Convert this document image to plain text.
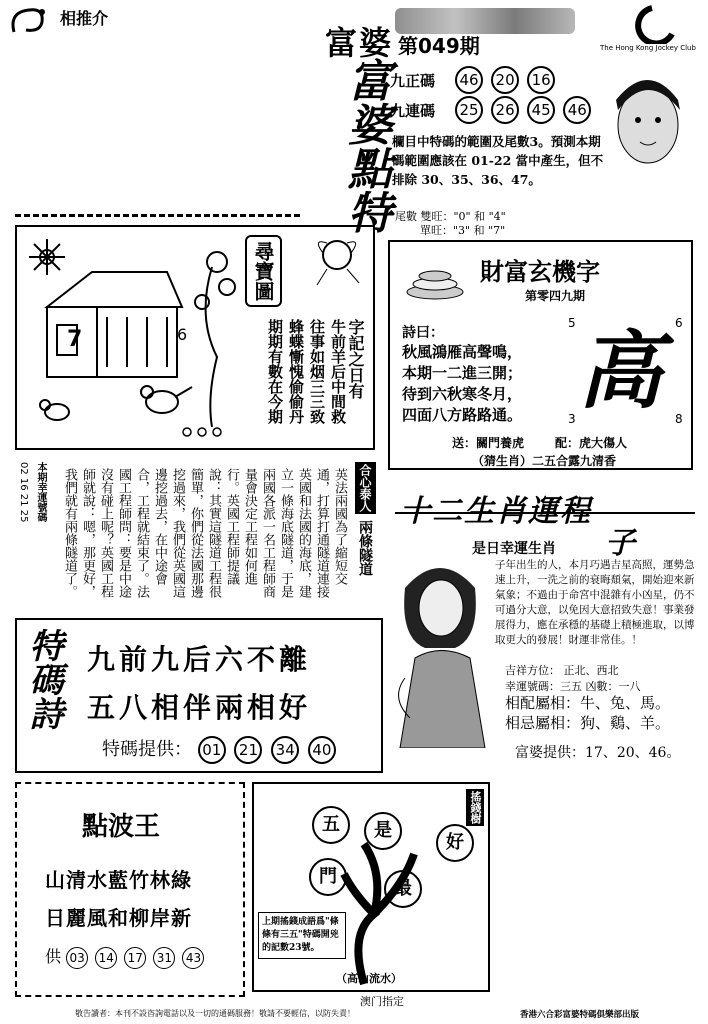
相推介
富婆 第049期	The Hong Kong Jockey Club
富婆點特 九正碼 46 20 16
九連碼 25 26 45 46
欄目中特碼的範圍及尾數3。預測本期碼範圍應該在 01-22 當中產生，但不排除 30、35、36、47。
尾數 雙旺："0" 和 "4"
單旺："3" 和 "7"
7	6
尋寶圖
字記之日有
牛前羊后中間救
往事如烟三三致
蜂蝶慚愧偷偷丹
期期有數在今期
財富玄機字
第零四九期
詩曰：
秋風鴻雁高聲鳴，
本期一二進三開；
待到六秋寒冬月，
四面八方路路通。
5	6
高
3	8
送：關門養虎	配：虎大傷人
（猜生肖）二五合露九清香
本期幸運號碼
02 16 21 25	合心泰人
兩條隧道
英法兩國為了縮短交通，打算打通隧道連接英國和法國的海底，建立一條海底隧道，于是兩國各派一名工程師商量會決定工程如何進行。英國工程師提議說：其實這隧道工程很簡單，你們從法國那邊挖過來，我們從英國這邊挖過去，在中途會合，工程就結束了。法國工程師問：要是中途沒有碰上呢？英國工程師就說：嗯，那更好，我們就有兩條隧道了。	十二生肖運程
是日幸運生肖 子
子年出生的人，本月巧遇吉星高照，運勢急速上升，一洗之前的衰晦頹氣，開始迎來新氣象；不過由于命宮中混雜有小凶星，仍不可過分大意，以免因大意招致失意！事業發展得力，應在承穩的基礎上積極進取，以博取更大的發展！財運非常佳。！
吉祥方位： 正北、西北
幸運號碼：三五 凶數：一八
相配屬相：牛、兔、馬。
相忌屬相：狗、鷄、羊。
富婆提供：17、20、46。
特碼詩 九前九后六不離
五八相伴兩相好
特碼提供： 01 21 34 40
點波王
山清水藍竹林綠
日麗風和柳岸新
供 03 14 17 31 43
五	是
好
門
最
搖錢樹
上期搖錢成語爲"條條有三五"特碼開兇的記數23號。
（高山流水）
澳门指定
敬告讀者：本刊不設咨詢電話以及一切的通碼服務！敬請不要輕信，以防失責！	香港六合彩富婆特碼俱樂部出版
